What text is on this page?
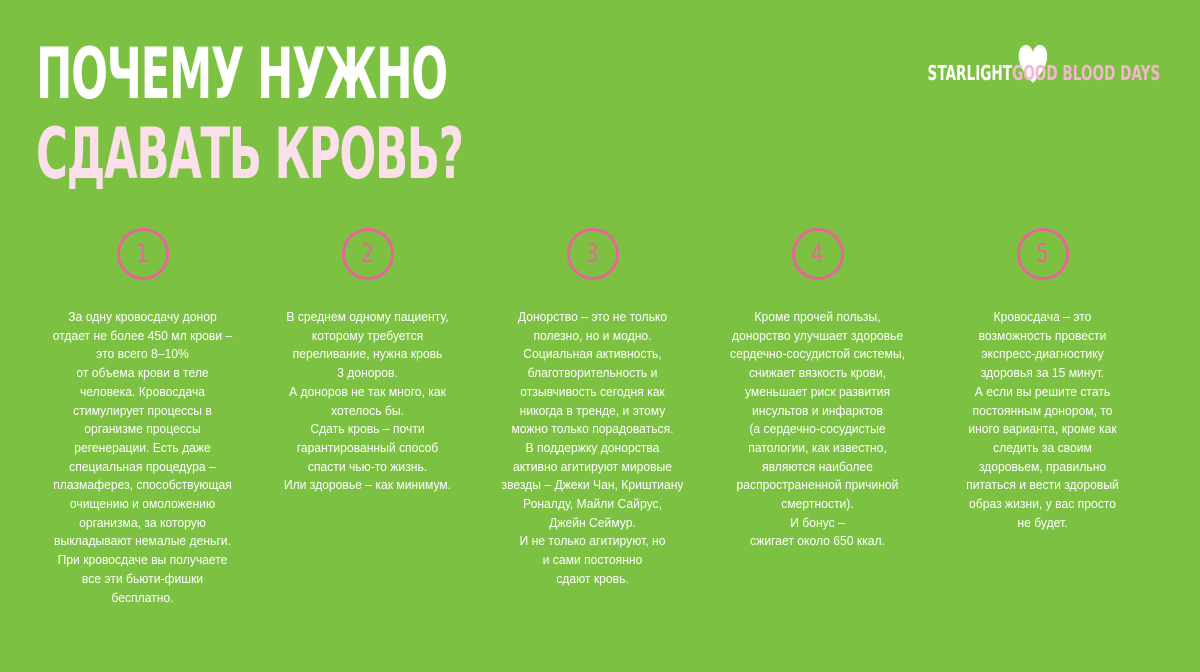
ПОЧЕМУ НУЖНО
СДАВАТЬ КРОВЬ?
STARLIGHT
GOOD BLOOD DAYS
1

За одну кровосдачу донор
отдает не более 450 мл крови –
это всего 8–10%
от объема крови в теле
человека. Кровосдача
стимулирует процессы в
организме процессы
регенерации. Есть даже
специальная процедура –
плазмаферез, способствующая
очищению и омоложению
организма, за которую
выкладывают немалые деньги.
При кровосдаче вы получаете
все эти бьюти-фишки
бесплатно.

2

В среднем одному пациенту,
которому требуется
переливание, нужна кровь
3 доноров.
А доноров не так много, как
хотелось бы.
Сдать кровь – почти
гарантированный способ
спасти чью-то жизнь.
Или здоровье – как минимум.

3

Донорство – это не только
полезно, но и модно.
Социальная активность,
благотворительность и
отзывчивость сегодня как
никогда в тренде, и этому
можно только порадоваться.
В поддержку донорства
активно агитируют мировые
звезды – Джеки Чан, Криштиану
Роналду, Майли Сайрус,
Джейн Сеймур.
И не только агитируют, но
и сами постоянно
сдают кровь.

4

Кроме прочей пользы,
донорство улучшает здоровье
сердечно-сосудистой системы,
снижает вязкость крови,
уменьшает риск развития
инсультов и инфарктов
(а сердечно-сосудистые
патологии, как известно,
являются наиболее
распространенной причиной
смертности).
И бонус –
сжигает около 650 ккал.

5

Кровосдача – это
возможность провести
экспресс-диагностику
здоровья за 15 минут.
А если вы решите стать
постоянным донором, то
иного варианта, кроме как
следить за своим
здоровьем, правильно
питаться и вести здоровый
образ жизни, у вас просто
не будет.
